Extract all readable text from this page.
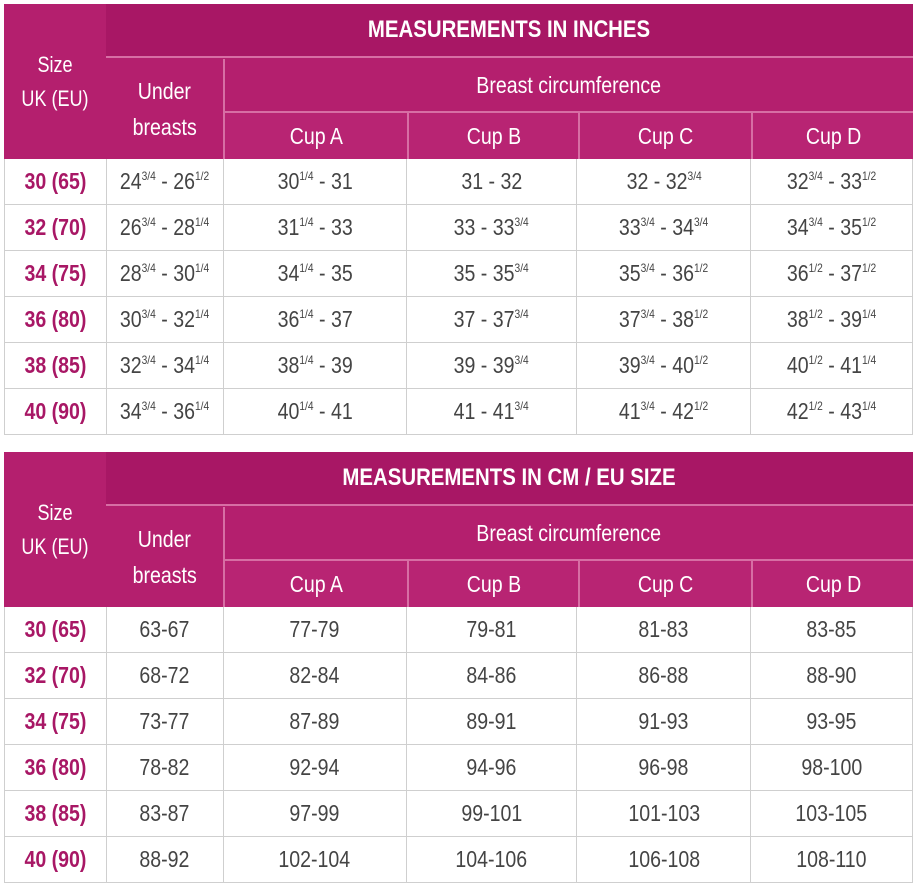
Size
UK (EU)
MEASUREMENTS IN INCHES
Under
breasts
Breast circumference
Cup A	Cup B	Cup C	Cup D
30 (65) $24^{3/4} - 26^{1/2}$	$30^{1/4} - 31$	31 - 32	$32 - 32^{3/4}$	$32^{3/4} - 33^{1/2}$
32 (70) $26^{3/4} - 28^{1/4}$	$31^{1/4} - 33$	$33 - 33^{3/4}$	$33^{3/4} - 34^{3/4}$	$34^{3/4} - 35^{1/2}$
34 (75) $28^{3/4} - 30^{1/4}$	$34^{1/4} - 35$	$35 - 35^{3/4}$	$35^{3/4} - 36^{1/2}$	$36^{1/2} - 37^{1/2}$
36 (80) $30^{3/4} - 32^{1/4}$	$36^{1/4} - 37$	$37 - 37^{3/4}$	$37^{3/4} - 38^{1/2}$	$38^{1/2} - 39^{1/4}$
38 (85) $32^{3/4} - 34^{1/4}$	$38^{1/4} - 39$	$39 - 39^{3/4}$	$39^{3/4} - 40^{1/2}$	$40^{1/2} - 41^{1/4}$
40 (90) $34^{3/4} - 36^{1/4}$	$40^{1/4} - 41$	$41 - 41^{3/4}$	$41^{3/4} - 42^{1/2}$	$42^{1/2} - 43^{1/4}$
Size
UK (EU)
MEASUREMENTS IN CM / EU SIZE
Under
breasts
Breast circumference
Cup A	Cup B	Cup C	Cup D
30 (65) 63-67	77-79	79-81	81-83	83-85
32 (70) 68-72	82-84	84-86	86-88	88-90
34 (75) 73-77	87-89	89-91	91-93	93-95
36 (80) 78-82	92-94	94-96	96-98	98-100
38 (85) 83-87	97-99	99-101	101-103	103-105
40 (90) 88-92	102-104	104-106	106-108	108-110
